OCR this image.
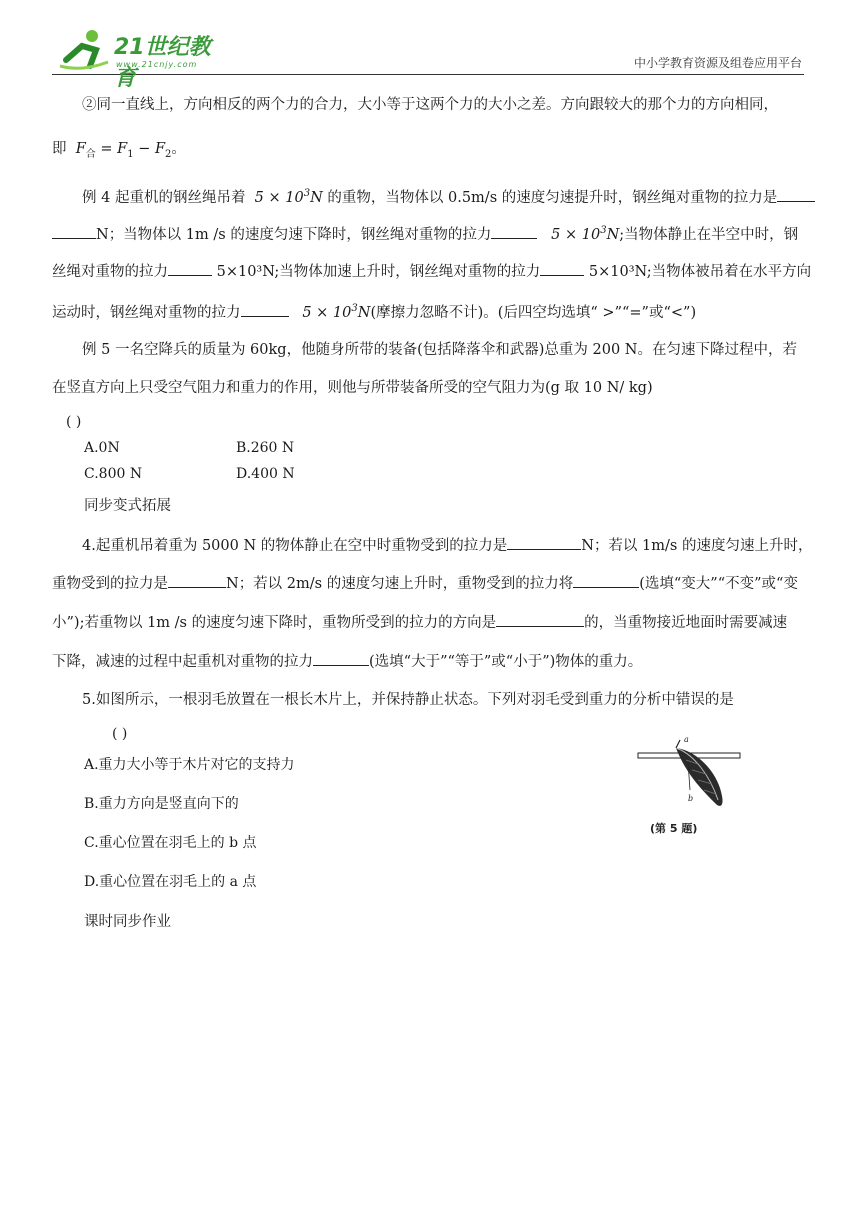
21世纪教育
www.21cnjy.com	中小学教育资源及组卷应用平台
②同一直线上，方向相反的两个力的合力，大小等于这两个力的大小之差。方向跟较大的那个力的方向相同，
即 $F_合 = F_1 - F_2$。
例 4 起重机的钢丝绳吊着 $5 \times 10^3N$ 的重物，当物体以 0.5m/s 的速度匀速提升时，钢丝绳对重物的拉力是
N；当物体以 1m /s 的速度匀速下降时，钢丝绳对重物的拉力	$5 \times 10^3N$;当物体静止在半空中时，钢
丝绳对重物的拉力	5×10³N;当物体加速上升时，钢丝绳对重物的拉力	5×10³N;当物体被吊着在水平方向
运动时，钢丝绳对重物的拉力	$5 \times 10^3N$(摩擦力忽略不计)。(后四空均选填“ >”“=”或“<”)
例 5 一名空降兵的质量为 60kg，他随身所带的装备(包括降落伞和武器)总重为 200 N。在匀速下降过程中，若
在竖直方向上只受空气阻力和重力的作用，则他与所带装备所受的空气阻力为(g 取 10 N/ kg)
( )
A.0N	B.260 N
C.800 N	D.400 N
同步变式拓展
4.起重机吊着重为 5000 N 的物体静止在空中时重物受到的拉力是	N；若以 1m/s 的速度匀速上升时，
重物受到的拉力是	N；若以 2m/s 的速度匀速上升时，重物受到的拉力将	(选填“变大”“不变”或“变
小”);若重物以 1m /s 的速度匀速下降时，重物所受到的拉力的方向是	的，当重物接近地面时需要减速
下降，减速的过程中起重机对重物的拉力	(选填“大于”“等于”或“小于”)物体的重力。
5.如图所示，一根羽毛放置在一根长木片上，并保持静止状态。下列对羽毛受到重力的分析中错误的是
( )
A.重力大小等于木片对它的支持力
B.重力方向是竖直向下的
C.重心位置在羽毛上的 b 点
D.重心位置在羽毛上的 a 点
a
b
(第 5 题)
课时同步作业
